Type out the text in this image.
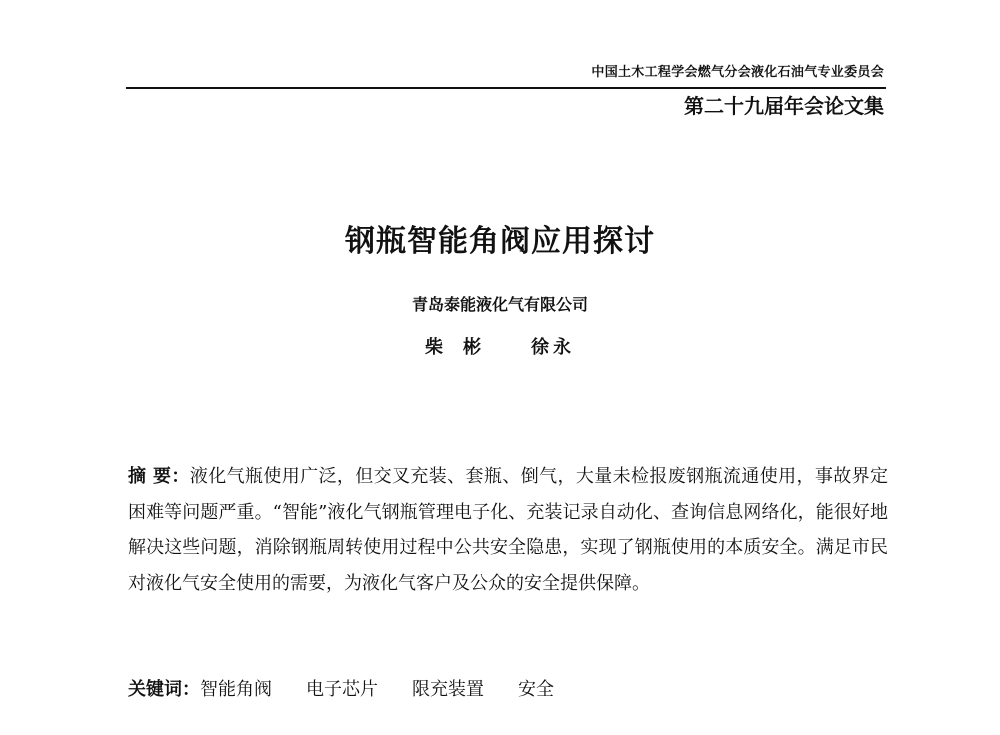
中国土木工程学会燃气分会液化石油气专业委员会
第二十九届年会论文集
钢瓶智能角阀应用探讨
青岛泰能液化气有限公司
柴彬 徐永
摘 要：液化气瓶使用广泛，但交叉充装、套瓶、倒气，大量未检报废钢瓶流通使用，事故界定困难等问题严重。“智能”液化气钢瓶管理电子化、充装记录自动化、查询信息网络化，能很好地解决这些问题，消除钢瓶周转使用过程中公共安全隐患，实现了钢瓶使用的本质安全。满足市民对液化气安全使用的需要，为液化气客户及公众的安全提供保障。
关键词：智能角阀 电子芯片 限充装置 安全
